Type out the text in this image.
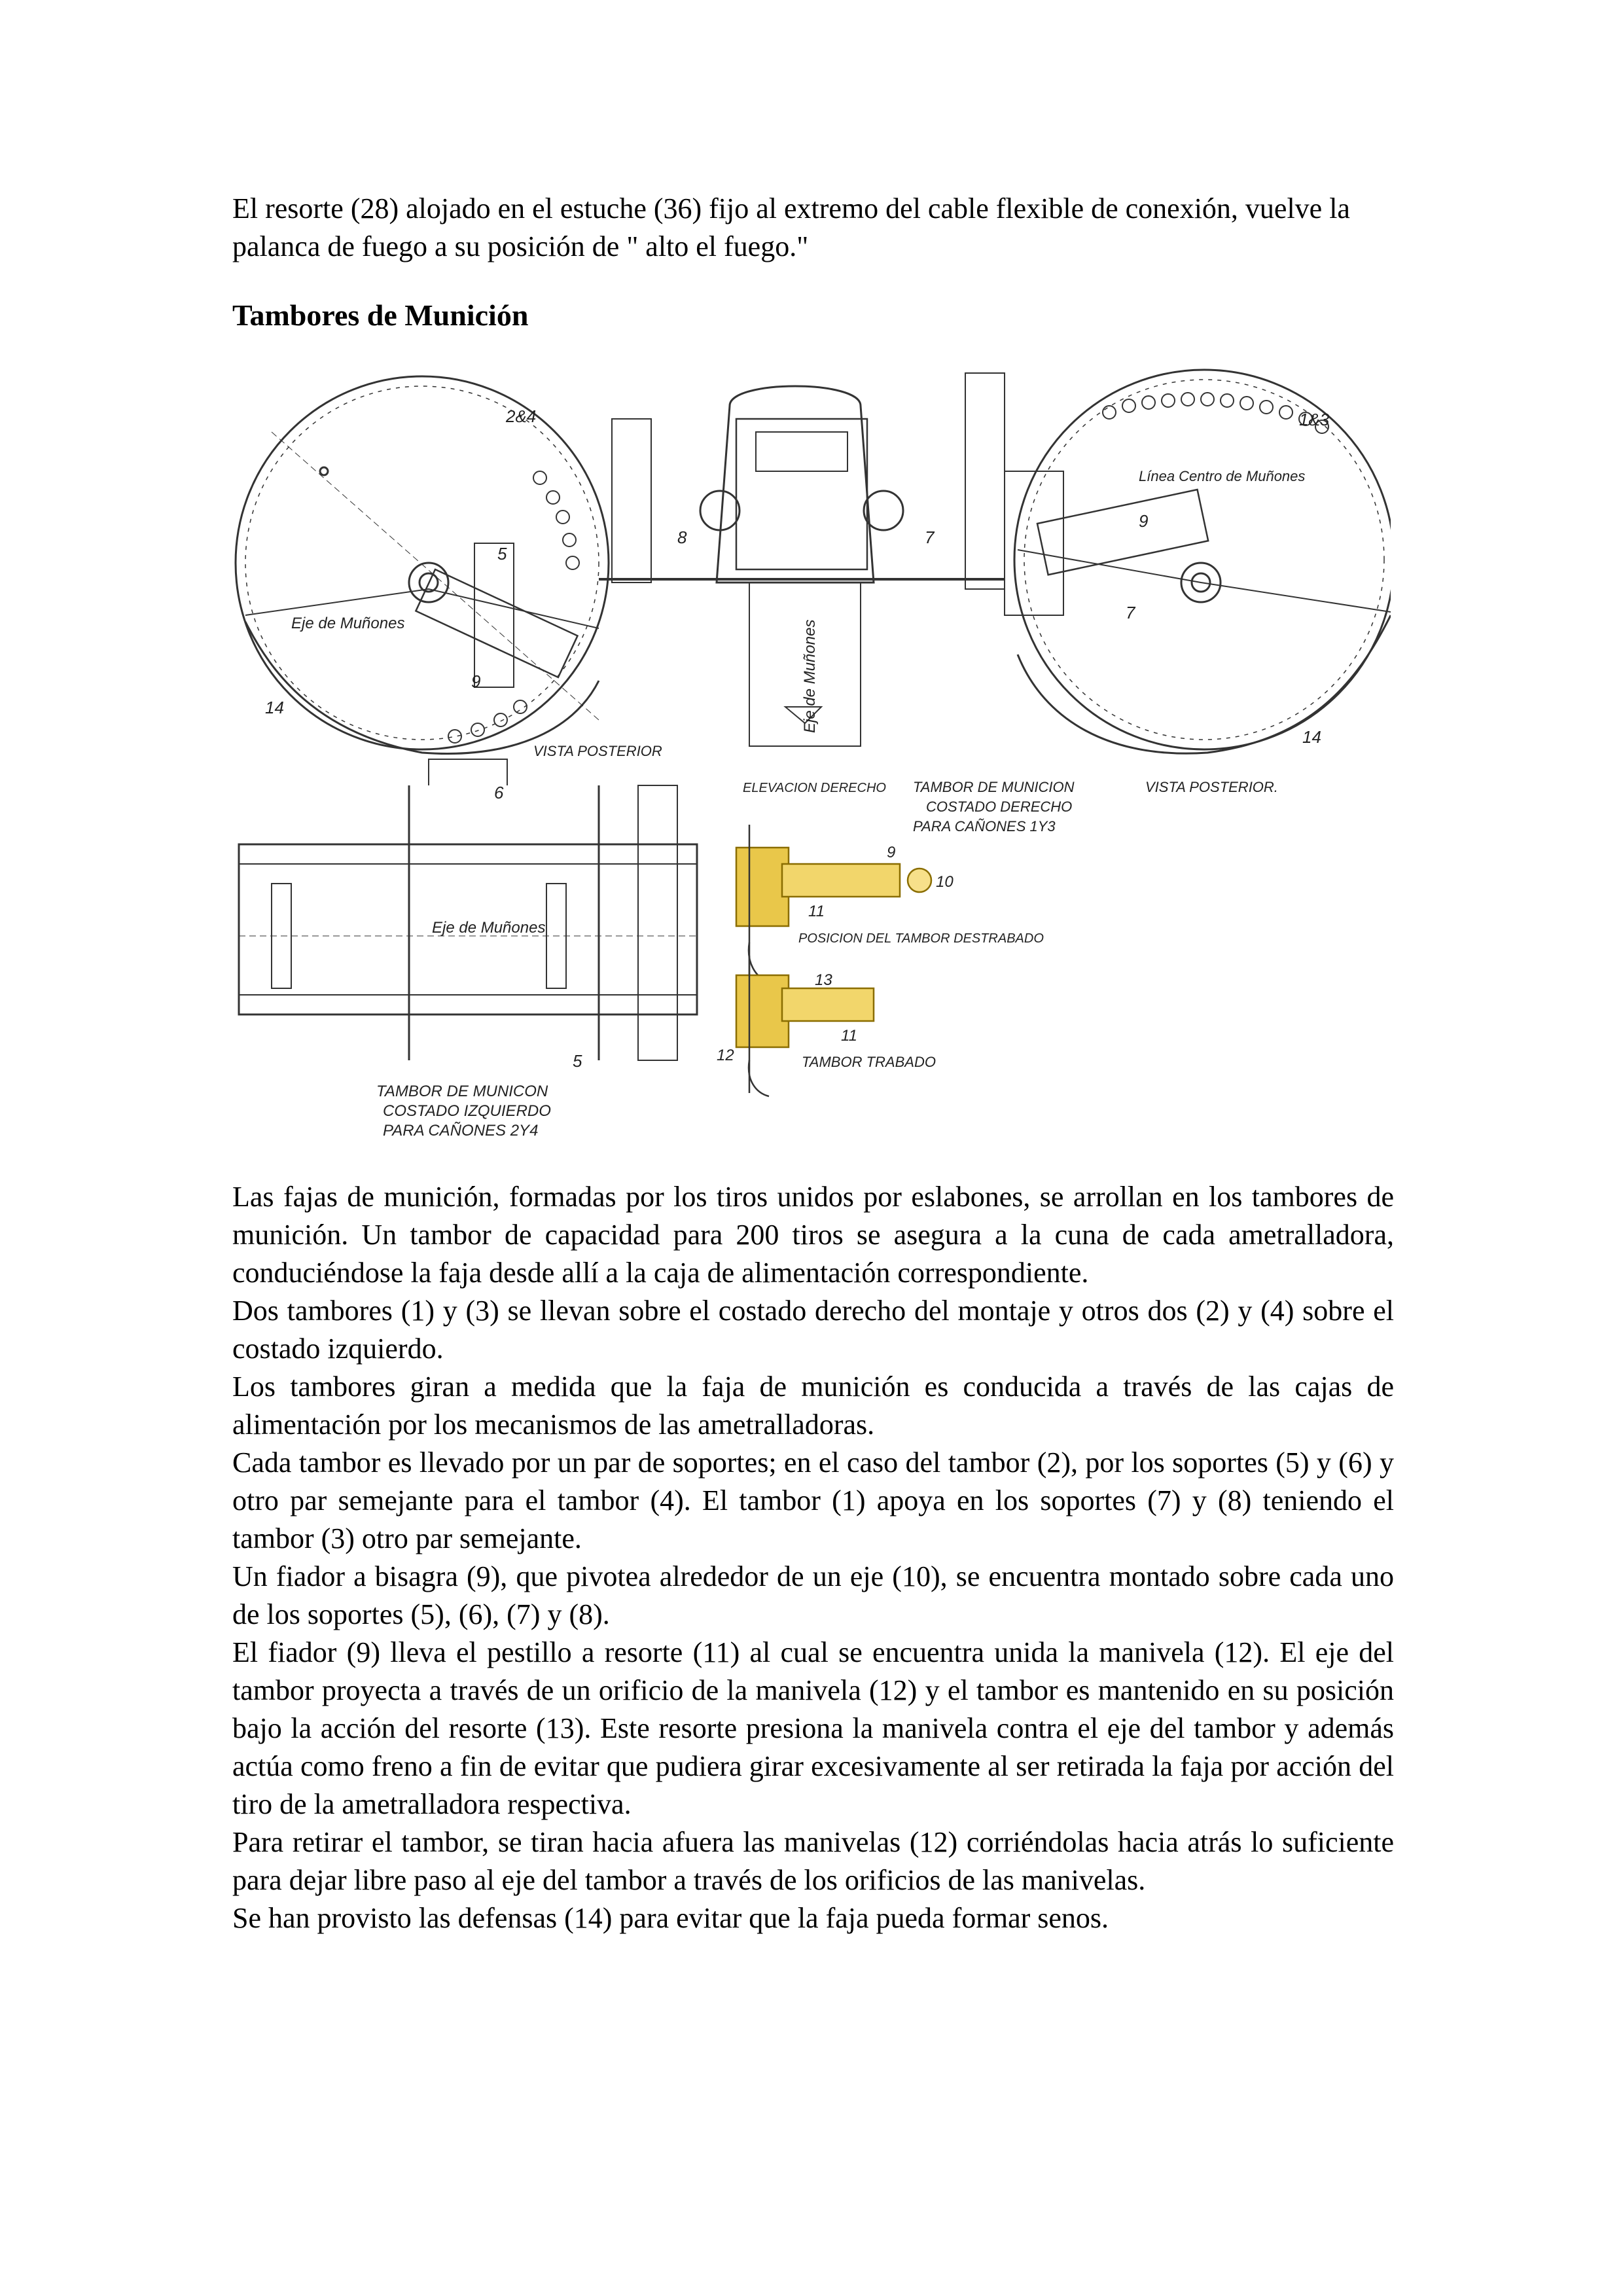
El resorte (28) alojado en el estuche (36) fijo al extremo del cable flexible de conexión, vuelve la palanca de fuego a su posición de " alto el fuego."

Tambores de Munición
2&4	1&3
5
9
14
Eje de Muñones
8	7
Eje de Muñones
Línea Centro de Muñones
9
7
14
VISTA POSTERIOR
VISTA POSTERIOR.
ELEVACION DERECHO TAMBOR DE MUNICION
COSTADO DERECHO
PARA CAÑONES 1Y3
6
Eje de Muñones
5
9
10
11
POSICION DEL TAMBOR DESTRABADO
13
11
12	TAMBOR TRABADO
TAMBOR DE MUNICON
COSTADO IZQUIERDO
PARA CAÑONES 2Y4

Las fajas de munición, formadas por los tiros unidos por eslabones, se arrollan en los tambores de munición. Un tambor de capacidad para 200 tiros se asegura a la cuna de cada ametralladora, conduciéndose la faja desde allí a la caja de alimentación correspondiente.

Dos tambores (1) y (3) se llevan sobre el costado derecho del montaje y otros dos (2) y (4) sobre el costado izquierdo.

Los tambores giran a medida que la faja de munición es conducida a través de las cajas de alimentación por los mecanismos de las ametralladoras.

Cada tambor es llevado por un par de soportes; en el caso del tambor (2), por los soportes (5) y (6) y otro par semejante para el tambor (4). El tambor (1) apoya en los soportes (7) y (8) teniendo el tambor (3) otro par semejante.

Un fiador a bisagra (9), que pivotea alrededor de un eje (10), se encuentra montado sobre cada uno de los soportes (5), (6), (7) y (8).

El fiador (9) lleva el pestillo a resorte (11) al cual se encuentra unida la manivela (12). El eje del tambor proyecta a través de un orificio de la manivela (12) y el tambor es mantenido en su posición bajo la acción del resorte (13). Este resorte presiona la manivela contra el eje del tambor y además actúa como freno a fin de evitar que pudiera girar excesivamente al ser retirada la faja por acción del tiro de la ametralladora respectiva.

Para retirar el tambor, se tiran hacia afuera las manivelas (12) corriéndolas hacia atrás lo suficiente para dejar libre paso al eje del tambor a través de los orificios de las manivelas.

Se han provisto las defensas (14) para evitar que la faja pueda formar senos.
